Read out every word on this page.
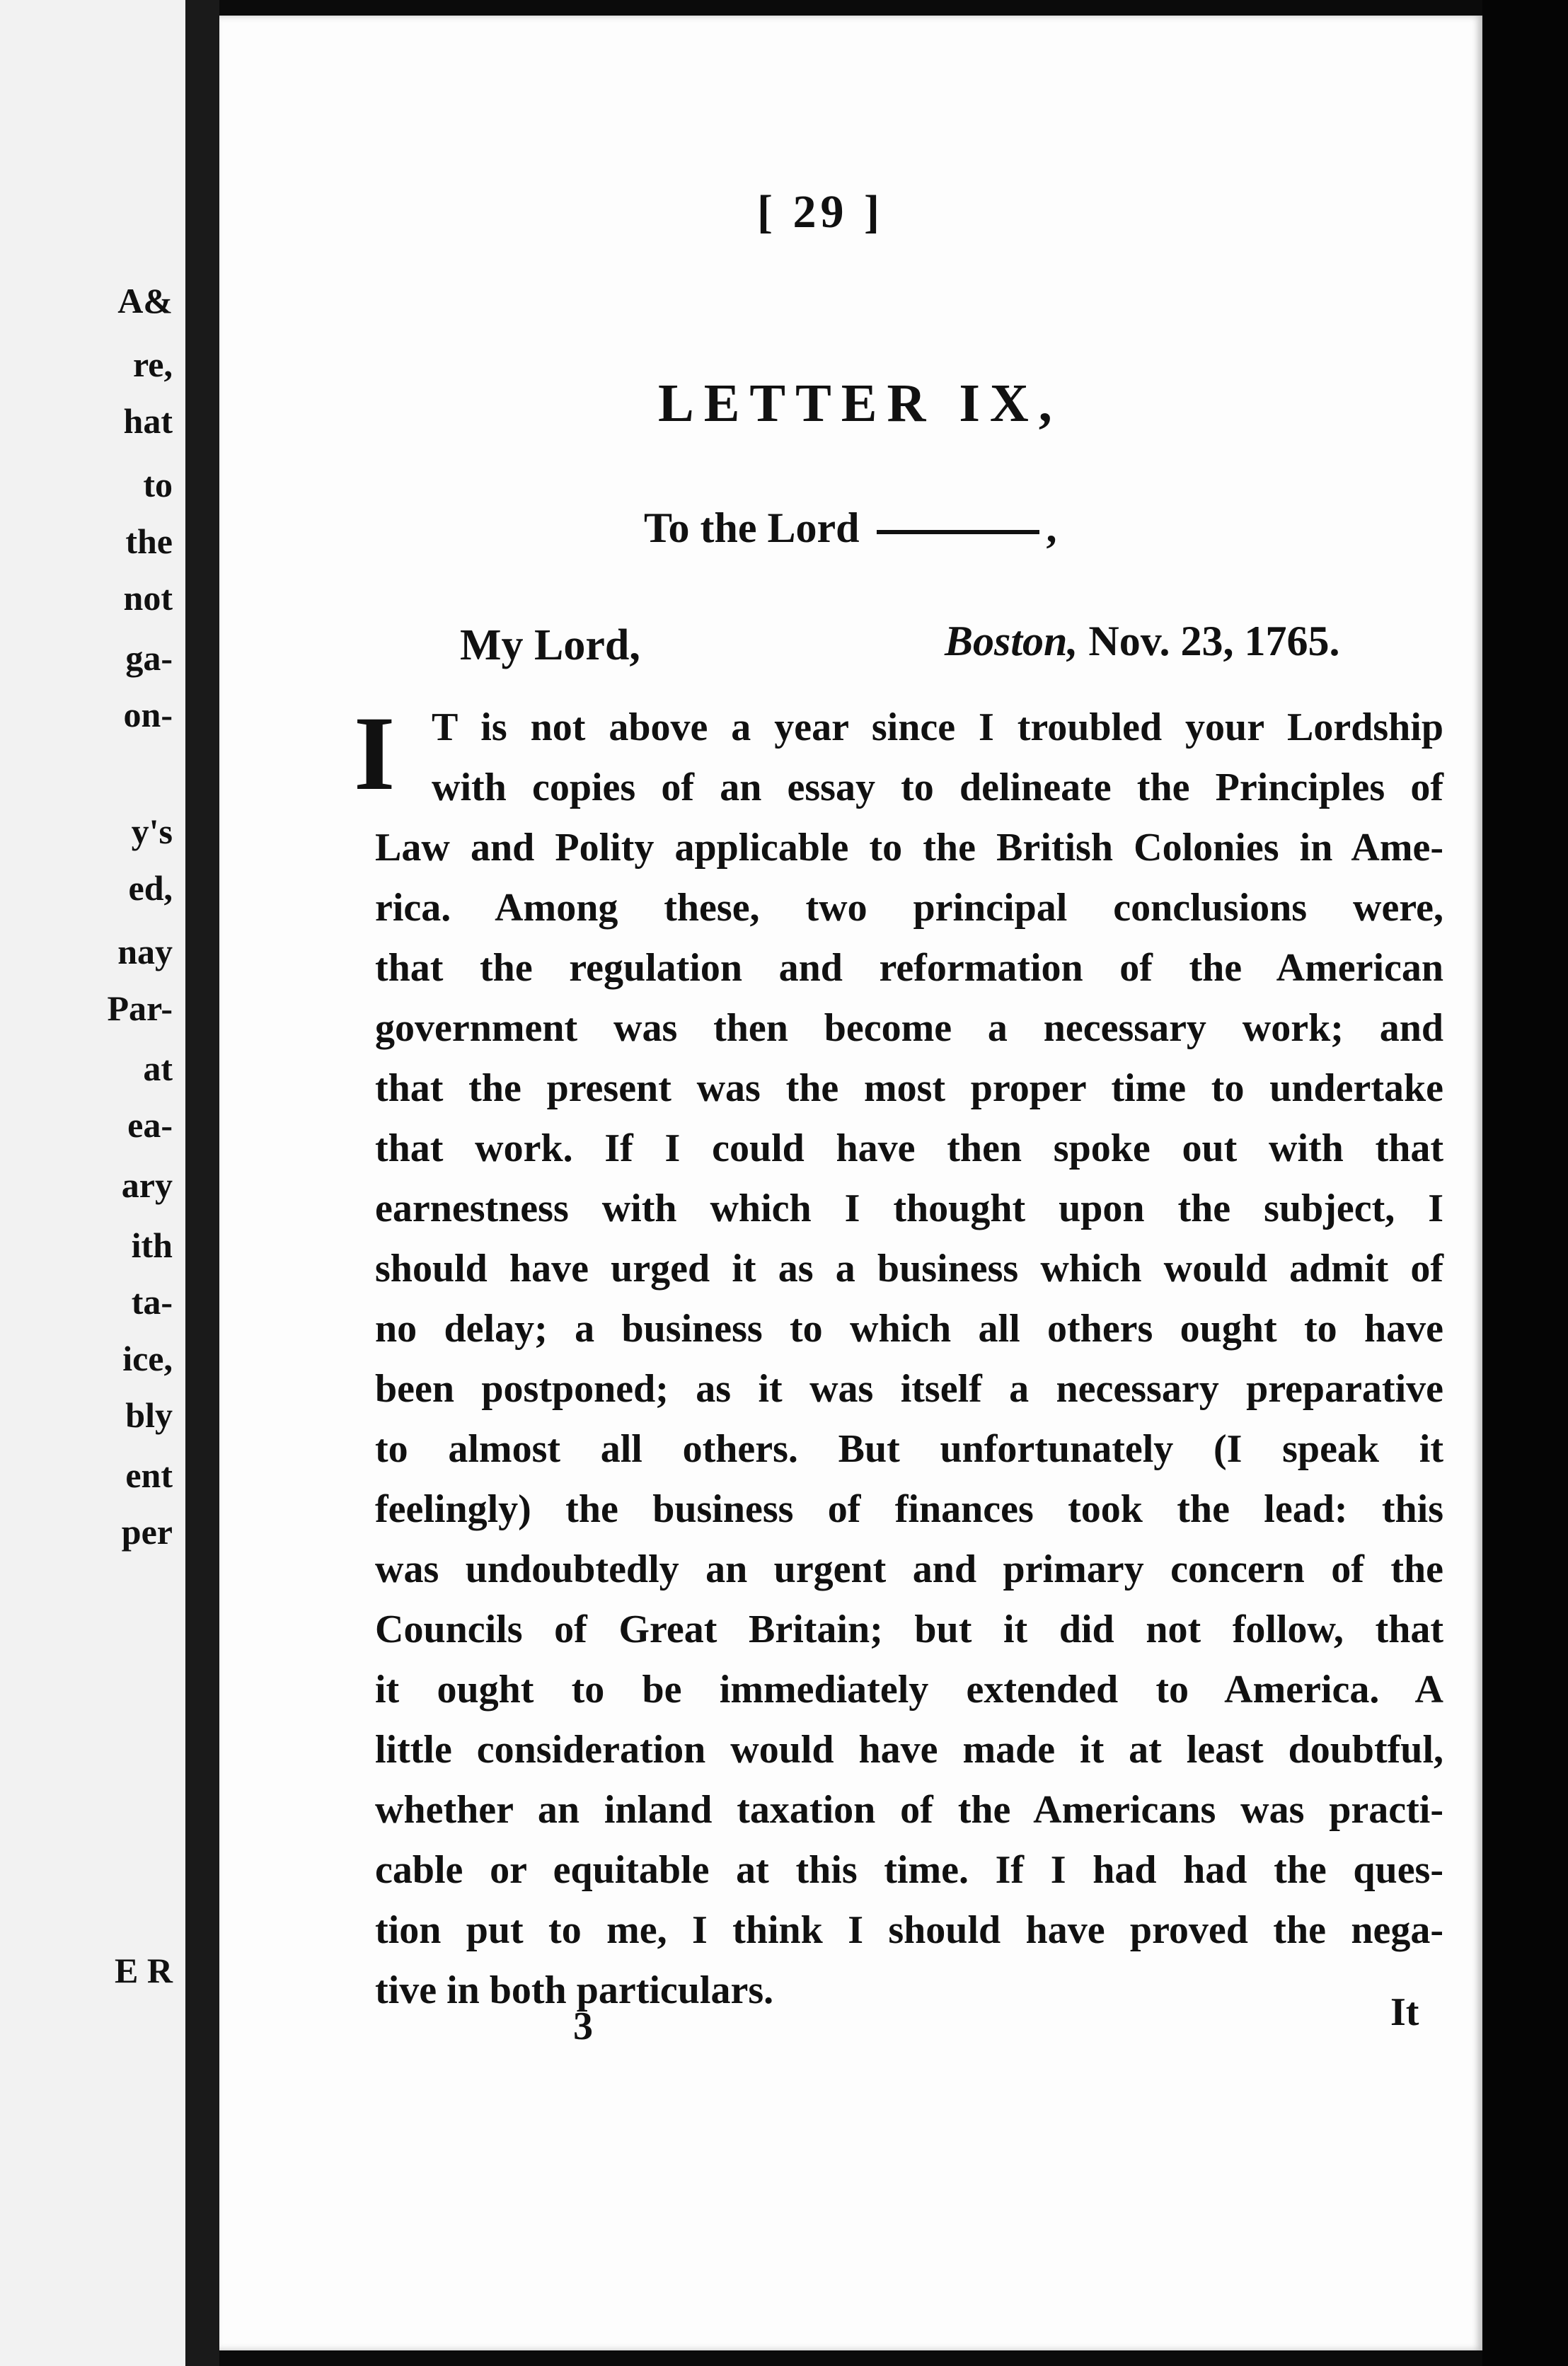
A&
re,
hat
to
the
not
ga-
on-
y's
ed,
nay
Par-
at
ea-
ary
ith
ta-
ice,
bly
ent
per
E R
[ 29 ]
LETTER IX,
To the Lord	,
My Lord,	Boston, Nov. 23, 1765.
I T is not above a year since I troubled your Lordship
with copies of an essay to delineate the Principles of
Law and Polity applicable to the British Colonies in Ame-
rica. Among these, two principal conclusions were,
that the regulation and reformation of the American
government was then become a necessary work; and
that the present was the most proper time to undertake
that work. If I could have then spoke out with that
earnestness with which I thought upon the subject, I
should have urged it as a business which would admit of
no delay; a business to which all others ought to have
been postponed; as it was itself a necessary preparative
to almost all others. But unfortunately (I speak it
feelingly) the business of finances took the lead: this
was undoubtedly an urgent and primary concern of the
Councils of Great Britain; but it did not follow, that
it ought to be immediately extended to America. A
little consideration would have made it at least doubtful,
whether an inland taxation of the Americans was practi-
cable or equitable at this time. If I had had the ques-
tion put to me, I think I should have proved the nega-
tive in both particulars.
3	It
